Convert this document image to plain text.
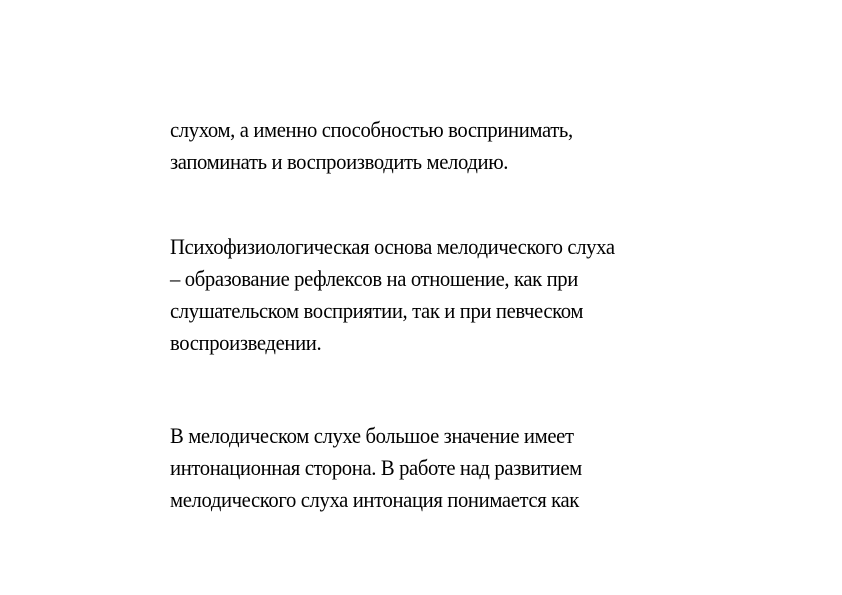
слухом, а именно способностью воспринимать,
запоминать и воспроизводить мелодию.
Психофизиологическая основа мелодического слуха
– образование рефлексов на отношение, как при
слушательском восприятии, так и при певческом
воспроизведении.
В мелодическом слухе большое значение имеет
интонационная сторона. В работе над развитием
мелодического слуха интонация понимается как
